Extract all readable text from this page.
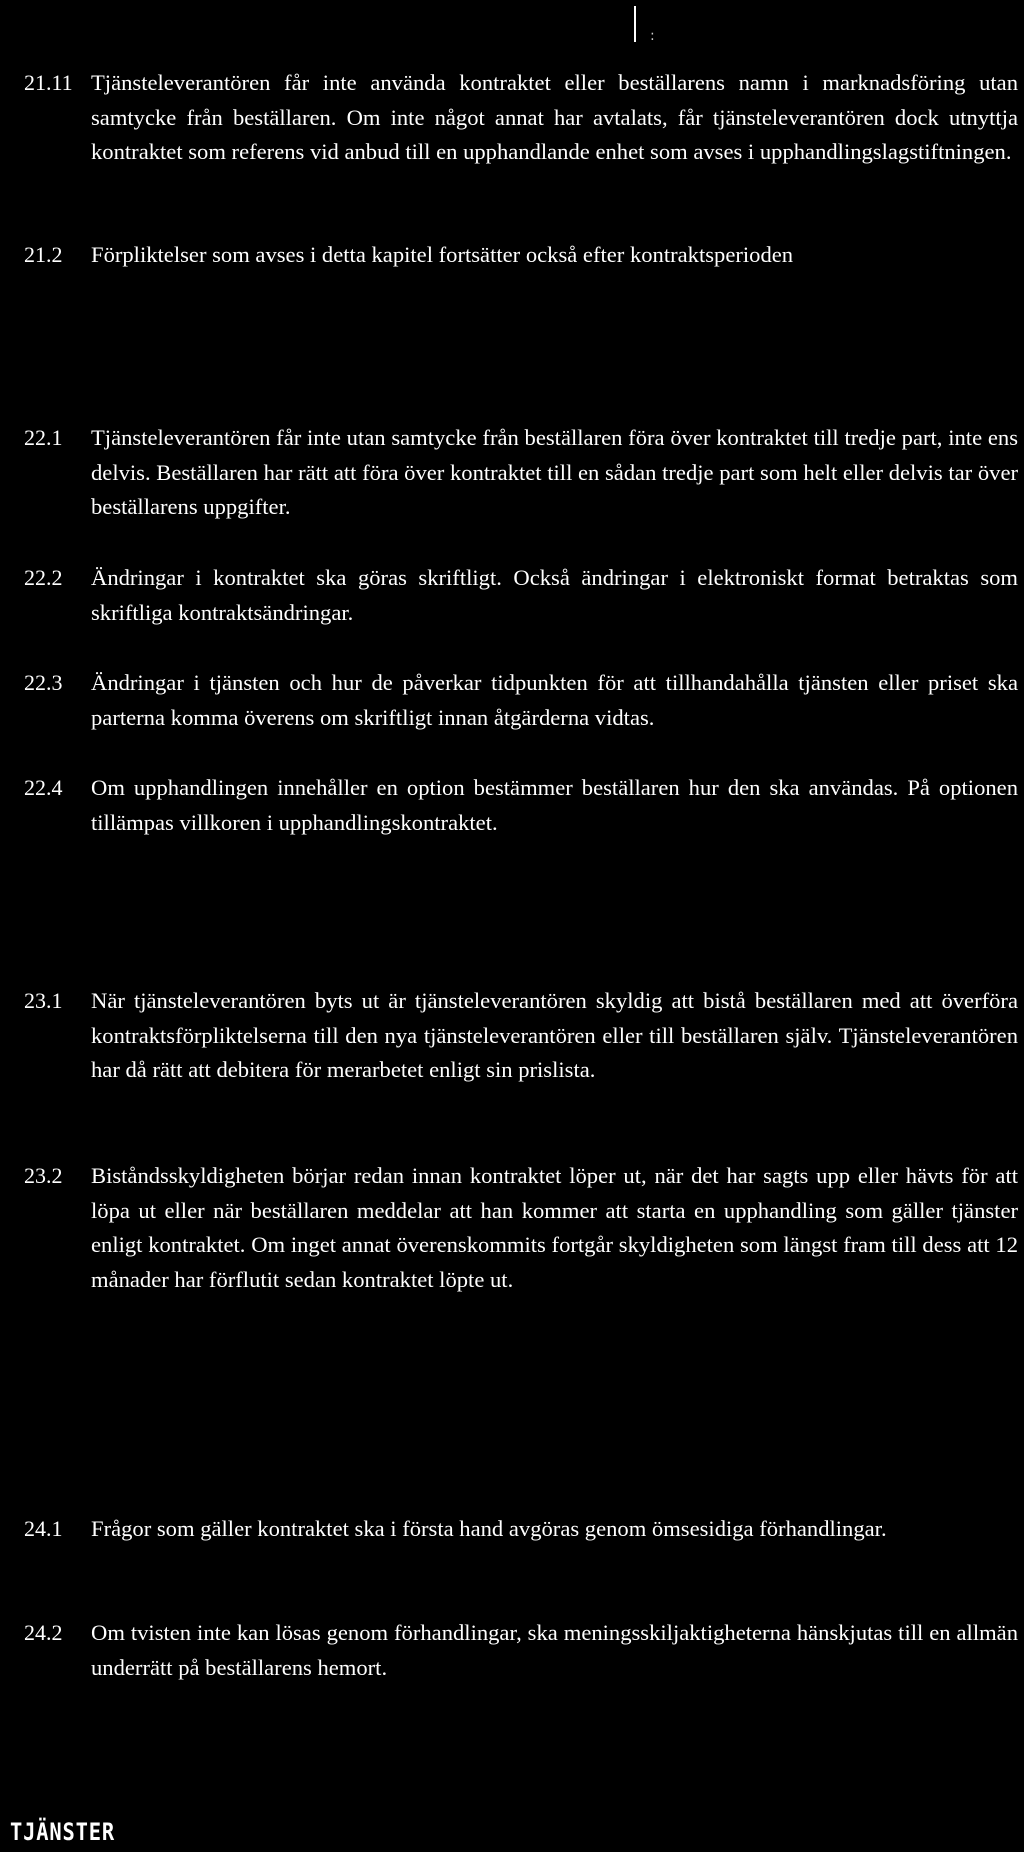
:
21.11 Tjänsteleverantören får inte använda kontraktet eller beställarens namn i marknadsföring utan samtycke från beställaren. Om inte något annat har avtalats, får tjänsteleverantören dock utnyttja kontraktet som referens vid anbud till en upphandlande enhet som avses i upphandlingslagstiftningen.

21.2	Förpliktelser som avses i detta kapitel fortsätter också efter kontraktsperioden

22.1	Tjänsteleverantören får inte utan samtycke från beställaren föra över kontraktet till tredje part, inte ens delvis. Beställaren har rätt att föra över kontraktet till en sådan tredje part som helt eller delvis tar över beställarens uppgifter.

22.2	Ändringar i kontraktet ska göras skriftligt. Också ändringar i elektroniskt format betraktas som skriftliga kontraktsändringar.

22.3	Ändringar i tjänsten och hur de påverkar tidpunkten för att tillhandahålla tjänsten eller priset ska parterna komma överens om skriftligt innan åtgärderna vidtas.

22.4	Om upphandlingen innehåller en option bestämmer beställaren hur den ska användas. På optionen tillämpas villkoren i upphandlingskontraktet.

23.1	När tjänsteleverantören byts ut är tjänsteleverantören skyldig att bistå beställaren med att överföra kontraktsförpliktelserna till den nya tjänsteleverantören eller till beställaren själv. Tjänsteleverantören har då rätt att debitera för merarbetet enligt sin prislista.

23.2	Biståndsskyldigheten börjar redan innan kontraktet löper ut, när det har sagts upp eller hävts för att löpa ut eller när beställaren meddelar att han kommer att starta en upphandling som gäller tjänster enligt kontraktet. Om inget annat överenskommits fortgår skyldigheten som längst fram till dess att 12 månader har förflutit sedan kontraktet löpte ut.

24.1	Frågor som gäller kontraktet ska i första hand avgöras genom ömsesidiga förhandlingar.

24.2	Om tvisten inte kan lösas genom förhandlingar, ska meningsskiljaktigheterna hänskjutas till en allmän underrätt på beställarens hemort.

TJÄNSTER
